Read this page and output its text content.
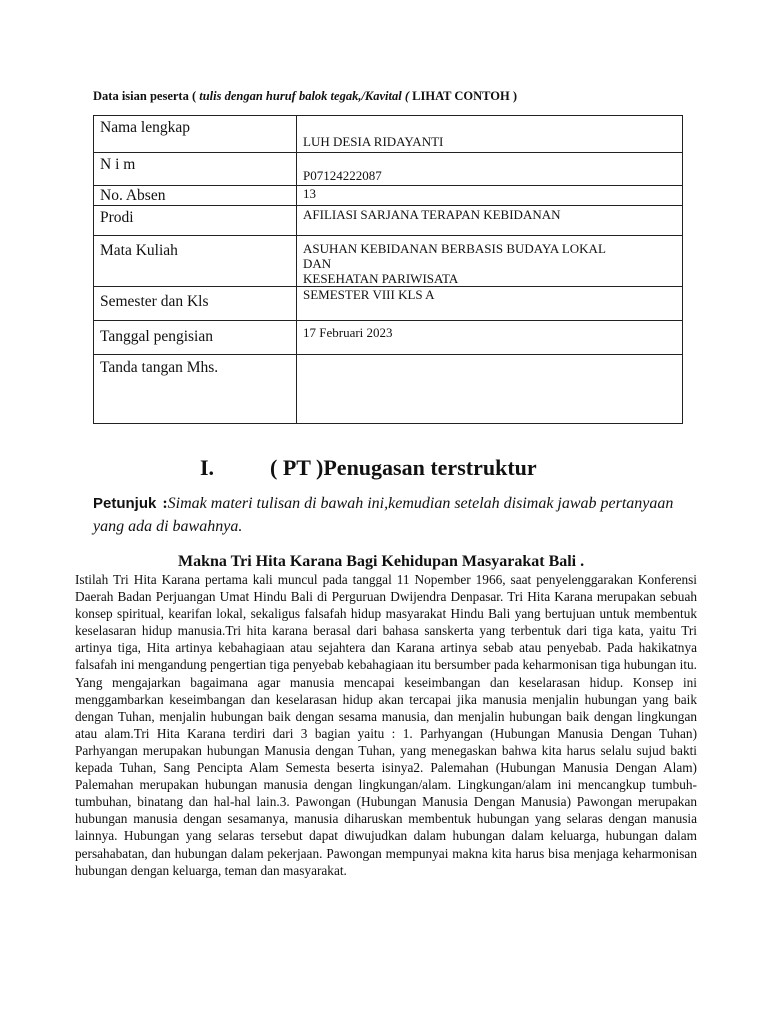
Data isian peserta ( tulis dengan huruf balok tegak,/Kavital ( LIHAT CONTOH )
Nama lengkap	LUH DESIA RIDAYANTI

N i m	P07124222087

No. Absen	13

Prodi	AFILIASI SARJANA TERAPAN KEBIDANAN

Mata Kuliah	ASUHAN KEBIDANAN BERBASIS BUDAYA LOKAL
DAN
KESEHATAN PARIWISATA

Semester dan Kls	SEMESTER VIII KLS A

Tanggal pengisian	17 Februari 2023

Tanda tangan Mhs.	
I.	( PT )Penugasan terstruktur
Petunjuk :Simak materi tulisan di bawah ini,kemudian setelah disimak jawab pertanyaan yang ada di bawahnya.
Makna Tri Hita Karana Bagi Kehidupan Masyarakat Bali .
Istilah Tri Hita Karana pertama kali muncul pada tanggal 11 Nopember 1966, saat penyelenggarakan Konferensi Daerah Badan Perjuangan Umat Hindu Bali di Perguruan Dwijendra Denpasar. Tri Hita Karana merupakan sebuah konsep spiritual, kearifan lokal, sekaligus falsafah hidup masyarakat Hindu Bali yang bertujuan untuk membentuk keselasaran hidup manusia.Tri hita karana berasal dari bahasa sanskerta yang terbentuk dari tiga kata, yaitu Tri artinya tiga, Hita artinya kebahagiaan atau sejahtera dan Karana artinya sebab atau penyebab. Pada hakikatnya falsafah ini mengandung pengertian tiga penyebab kebahagiaan itu bersumber pada keharmonisan tiga hubungan itu. Yang mengajarkan bagaimana agar manusia mencapai keseimbangan dan keselarasan hidup. Konsep ini menggambarkan keseimbangan dan keselarasan hidup akan tercapai jika manusia menjalin hubungan yang baik dengan Tuhan, menjalin hubungan baik dengan sesama manusia, dan menjalin hubungan baik dengan lingkungan atau alam.Tri Hita Karana terdiri dari 3 bagian yaitu : 1. Parhyangan (Hubungan Manusia Dengan Tuhan) Parhyangan merupakan hubungan Manusia dengan Tuhan, yang menegaskan bahwa kita harus selalu sujud bakti kepada Tuhan, Sang Pencipta Alam Semesta beserta isinya2. Palemahan (Hubungan Manusia Dengan Alam) Palemahan merupakan hubungan manusia dengan lingkungan/alam. Lingkungan/alam ini mencangkup tumbuh-tumbuhan, binatang dan hal-hal lain.3. Pawongan (Hubungan Manusia Dengan Manusia) Pawongan merupakan hubungan manusia dengan sesamanya, manusia diharuskan membentuk hubungan yang selaras dengan manusia lainnya. Hubungan yang selaras tersebut dapat diwujudkan dalam hubungan dalam keluarga, hubungan dalam persahabatan, dan hubungan dalam pekerjaan. Pawongan mempunyai makna kita harus bisa menjaga keharmonisan hubungan dengan keluarga, teman dan masyarakat.
